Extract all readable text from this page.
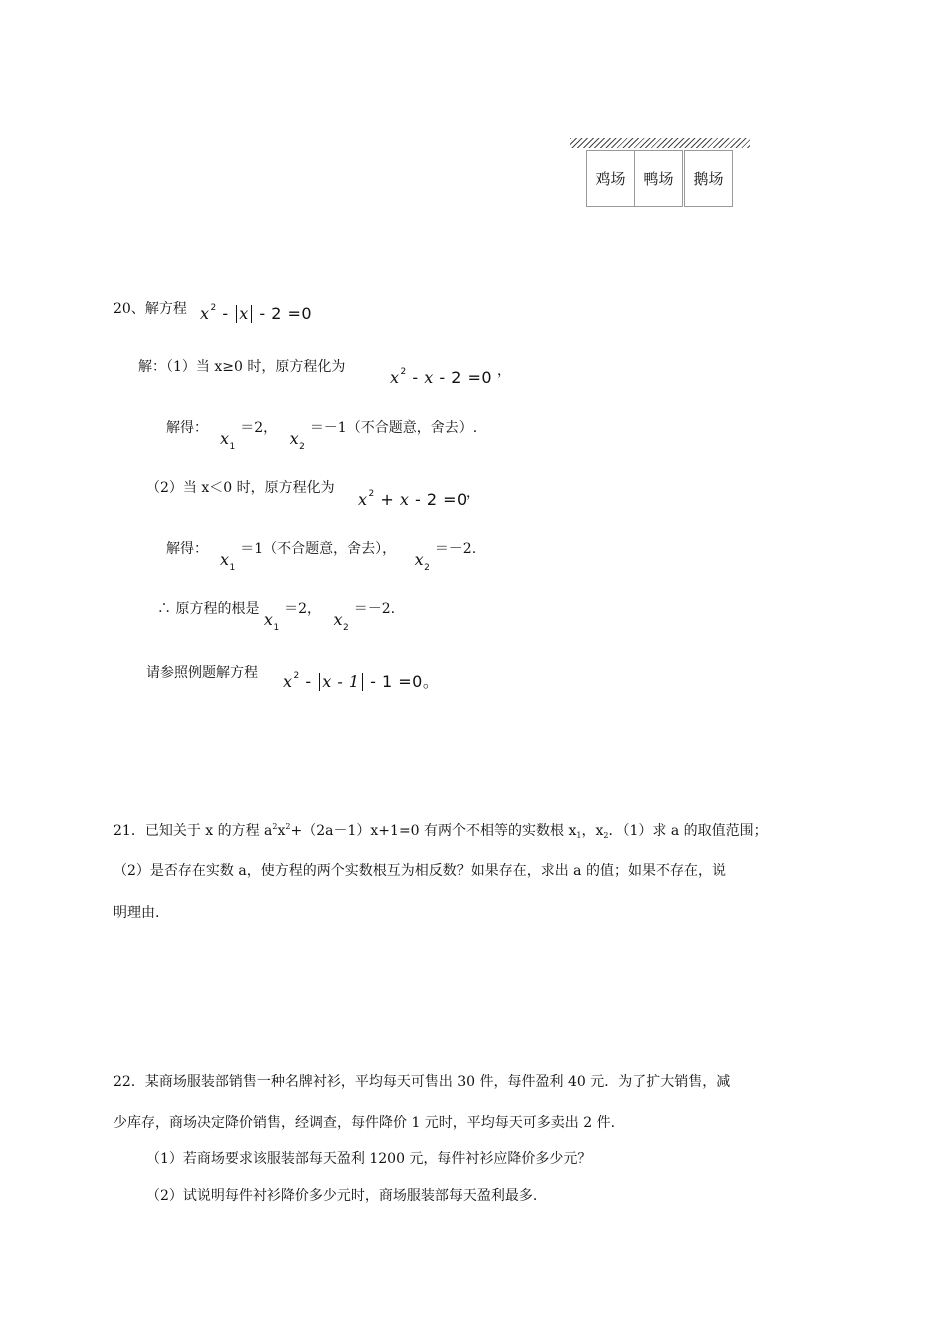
鸡场	鸭场	鹅场
20、解方程 $x^2 - x - 2 =0$
解：（1）当 x≥0 时，原方程化为
$x^2 - x - 2 =0$ ，
解得：
$x_1 =2$， $x_2 =-1$（不合题意，舍去）.
（2）当 x＜0 时，原方程化为
$x^2 + x - 2 =0$
，
解得：
$x_1 =1$（不合题意，舍去）， $x_2 =-2$.
∴ 原方程的根是 $x_1 =2$， $x_2 =-2$.
请参照例题解方程 $x^2 - x - 1 - 1 =0$。
21．已知关于 x 的方程 $a^2x^2+(2a-1)x+1=0$ 有两个不相等的实数根 $x_1$，$x_2$．（1）求 a 的取值范围；
（2）是否存在实数 a，使方程的两个实数根互为相反数？如果存在，求出 a 的值；如果不存在，说
明理由.
22．某商场服装部销售一种名牌衬衫，平均每天可售出 30 件，每件盈利 40 元．为了扩大销售，减
少库存，商场决定降价销售，经调查，每件降价 1 元时，平均每天可多卖出 2 件.
（1）若商场要求该服装部每天盈利 1200 元，每件衬衫应降价多少元？
（2）试说明每件衬衫降价多少元时，商场服装部每天盈利最多.
